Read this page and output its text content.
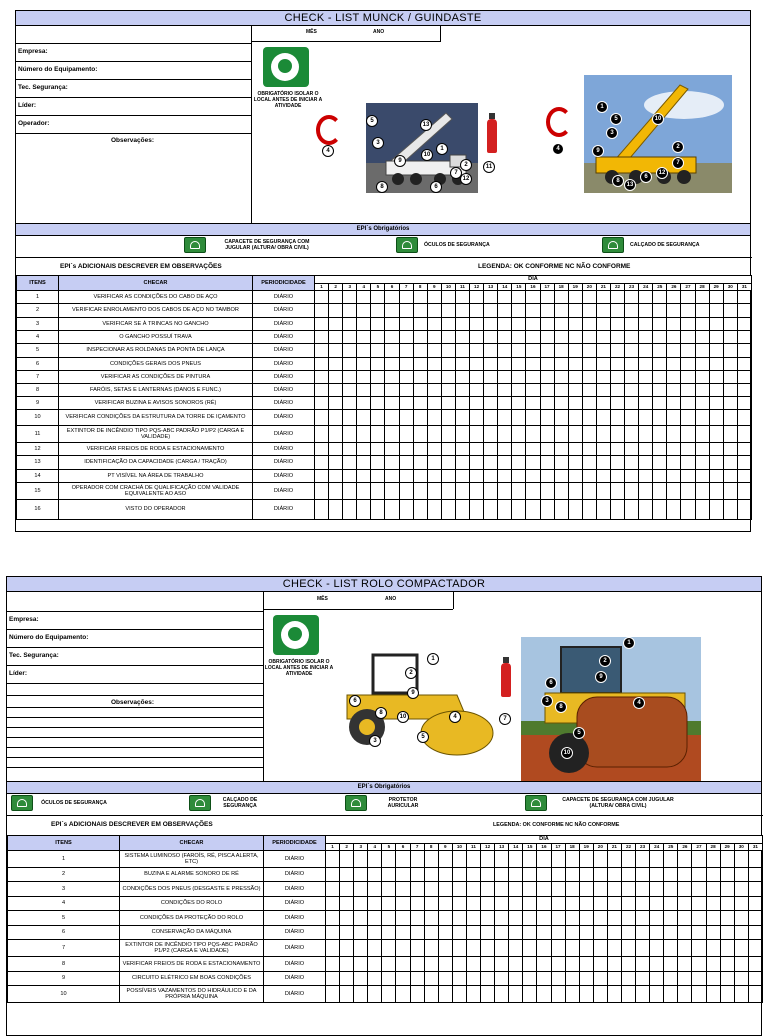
CHECK - LIST MUNCK / GUINDASTE
MÊS	ANO
Empresa:
Número do Equipamento:
Tec. Segurança:
Líder:
Operador:
Observações:
OBRIGATÓRIO ISOLAR O LOCAL ANTES DE INICIAR A ATIVIDADE
4
5
3
13
1
10
9
2
7
12
8	6
11
1
5
3
10
4	9
2
7
12
6
8
13
EPI´s Obrigatórios
CAPACETE DE SEGURANÇA COM JUGULAR (ALTURA/ OBRA CIVIL)	ÓCULOS DE SEGURANÇA	CALÇADO DE SEGURANÇA
EPI´s ADICIONAIS DESCREVER EM OBSERVAÇÕES	LEGENDA: OK CONFORME NC NÃO CONFORME
ITENS	CHECAR	PERIODICIDADE	DIA																														
			1	2	3	4	5	6	7	8	9	10	11	12	13	14	15	16	17	18	19	20	21	22	23	24	25	26	27	28	29	30	31
1	VERIFICAR AS CONDIÇÕES DO CABO DE AÇO	DIÁRIO																															
2	VERIFICAR ENROLAMENTO DOS CABOS DE AÇO NO TAMBOR	DIÁRIO																															
3	VERIFICAR SE À TRINCAS NO GANCHO	DIÁRIO																															
4	O GANCHO POSSUÍ TRAVA	DIÁRIO																															
5	INSPECIONAR AS ROLDANAS DA PONTA DE LANÇA	DIÁRIO																															
6	CONDIÇÕES GERAIS DOS PNEUS	DIÁRIO																															
7	VERIFICAR AS CONDIÇÕES DE PINTURA	DIÁRIO																															
8	FARÓIS, SETAS E LANTERNAS (DANOS E FUNC.)	DIÁRIO																															
9	VERIFICAR BUZINA E AVISOS SONOROS (RÉ)	DIÁRIO																															
10	VERIFICAR CONDIÇÕES DA ESTRUTURA DA TORRE DE IÇAMENTO	DIÁRIO																															
11	EXTINTOR DE INCÊNDIO TIPO PQS-ABC PADRÃO P1/P2 (CARGA E VALIDADE)	DIÁRIO																															
12	VERIFICAR FREIOS DE RODA E ESTACIONAMENTO	DIÁRIO																															
13	IDENTIFICAÇÃO DA CAPACIDADE (CARGA / TRAÇÃO)	DIÁRIO																															
14	PT VISÍVEL NA ÁREA DE TRABALHO	DIÁRIO																															
15	OPERADOR COM CRACHÁ DE QUALIFICAÇÃO COM VALIDADE EQUIVALENTE AO ASO	DIÁRIO																															
16	VISTO DO OPERADOR	DIÁRIO																															
CHECK - LIST ROLO COMPACTADOR
MÊS	ANO
Empresa:
Número do Equipamento:
Tec. Segurança:
Líder:
Observações:
OBRIGATÓRIO ISOLAR O LOCAL ANTES DE INICIAR A ATIVIDADE
1
2
9
6
8
10	4
3
5
7
1
2
9
6
3
8
4
5
10
EPI´s Obrigatórios
ÓCULOS DE SEGURANÇA	CALÇADO DE SEGURANÇA
PROTETOR AURICULAR
CAPACETE DE SEGURANÇA COM JUGULAR (ALTURA/ OBRA CIVIL)
EPI´s ADICIONAIS DESCREVER EM OBSERVAÇÕES	LEGENDA: OK CONFORME NC NÃO CONFORME
ITENS	CHECAR	PERIODICIDADE	DIA																														
			1	2	3	4	5	6	7	8	9	10	11	12	13	14	15	16	17	18	19	20	21	22	23	24	25	26	27	28	29	30	31
1	SISTEMA LUMINOSO (FAROÍS, RÉ, PISCA ALERTA, ETC)	DIÁRIO																															
2	BUZINA E ALARME SONORO DE RÉ	DIÁRIO																															
3	CONDIÇÕES DOS PNEUS (DESGASTE E PRESSÃO)	DIÁRIO																															
4	CONDIÇÕES DO ROLO	DIÁRIO																															
5	CONDIÇÕES DA PROTEÇÃO DO ROLO	DIÁRIO																															
6	CONSERVAÇÃO DA MÁQUINA	DIÁRIO																															
7	EXTINTOR DE INCÊNDIO TIPO PQS-ABC PADRÃO P1/P2 (CARGA E VALIDADE)	DIÁRIO																															
8	VERIFICAR FREIOS DE RODA E ESTACIONAMENTO	DIÁRIO																															
9	CIRCUITO ELÉTRICO EM BOAS CONDIÇÕES	DIÁRIO																															
10	POSSÍVEIS VAZAMENTOS DO HIDRÁULICO E DA PRÓPRIA MÁQUINA	DIÁRIO																															
